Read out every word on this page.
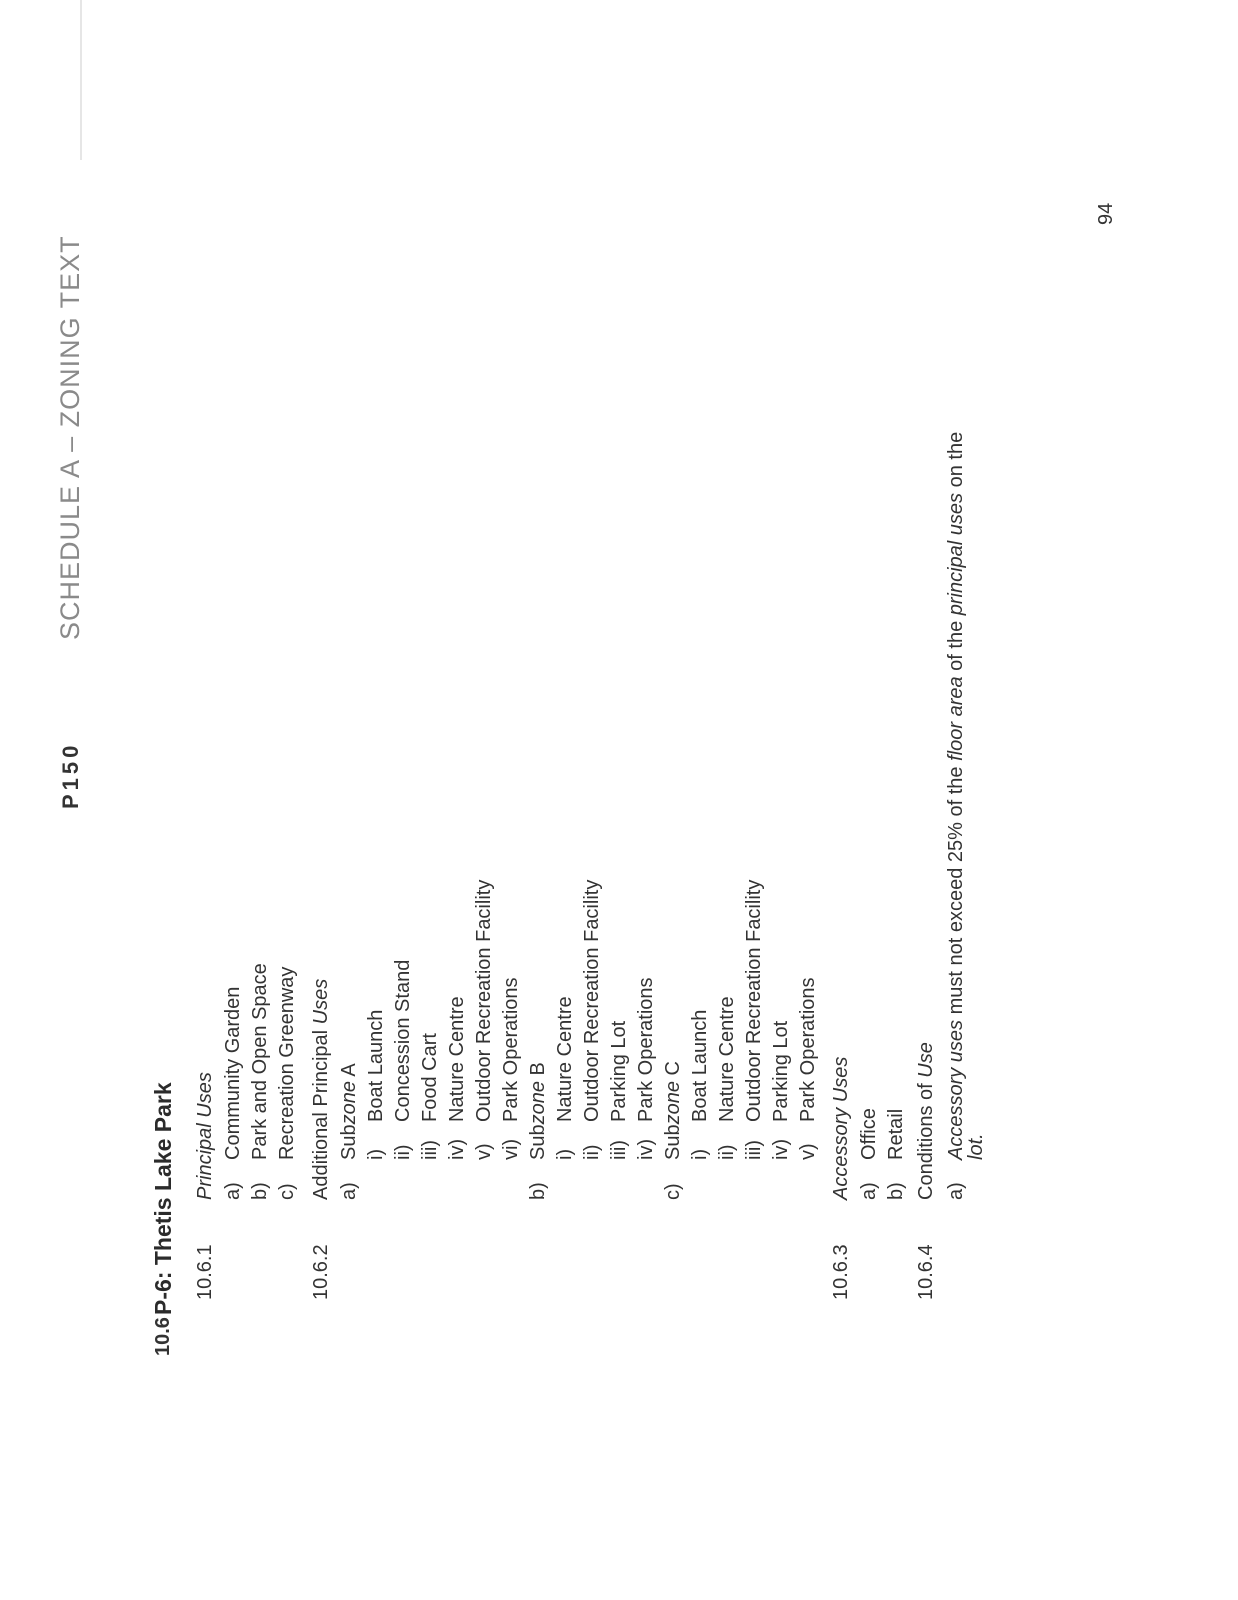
P150
SCHEDULE A – ZONING TEXT
10.6
P-6: Thetis Lake Park 10.6.1
Principal Uses a)
Community Garden
b)
Park and Open Space
c)
Recreation Greenway
10.6.2
Additional Principal Uses
a)
Subzone A
i)
Boat Launch
ii)
Concession Stand
iii)
Food Cart
iv)
Nature Centre
v)
Outdoor Recreation Facility
vi)
Park Operations
b)
Subzone B
i)
Nature Centre
ii)
Outdoor Recreation Facility
iii)
Parking Lot
iv)
Park Operations
c)
Subzone C
i)
Boat Launch
ii)
Nature Centre
iii)
Outdoor Recreation Facility
iv)
Parking Lot
v)
Park Operations
10.6.3
Accessory Uses a)
Office
b)
Retail
10.6.4
Conditions of Use
a)
Accessory uses must not exceed 25% of the floor area of the principal uses on the
lot.
94
